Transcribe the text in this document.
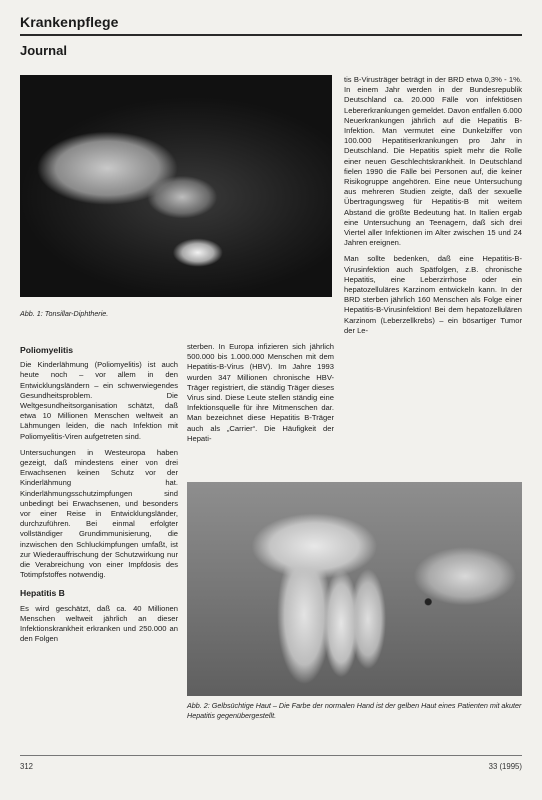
Krankenpflege
Journal
Abb. 1: Tonsillar-Diphtherie.

tis B-Virusträger beträgt in der BRD etwa 0,3% - 1%. In einem Jahr werden in der Bundesrepublik Deutschland ca. 20.000 Fälle von infektiösen Lebererkrankungen gemeldet. Davon entfallen 6.000 Neuerkrankungen jährlich auf die Hepatitis B-Infektion. Man vermutet eine Dunkelziffer von 100.000 Hepatitiserkrankungen pro Jahr in Deutschland. Die Hepatitis spielt mehr die Rolle einer neuen Geschlechtskrankheit. In Deutschland fielen 1990 die Fälle bei Personen auf, die keiner Risikogruppe angehören. Eine neue Untersuchung aus mehreren Studien zeigte, daß der sexuelle Übertragungsweg für Hepatitis-B mit weitem Abstand die größte Bedeutung hat. In Italien ergab eine Untersuchung an Teenagern, daß sich drei Viertel aller Infektionen im Alter zwischen 15 und 24 Jahren ereignen.

Man sollte bedenken, daß eine Hepatitis-B-Virusinfektion auch Spätfolgen, z.B. chronische Hepatitis, eine Leberzirrhose oder ein hepatozelluläres Karzinom entwickeln kann. In der BRD sterben jährlich 160 Menschen als Folge einer Hepatitis-B-Virusinfektion! Bei dem hepatozellulären Karzinom (Leberzellkrebs) – ein bösartiger Tumor der Le-

Poliomyelitis

Die Kinderlähmung (Poliomyelitis) ist auch heute noch – vor allem in den Entwicklungsländern – ein schwerwiegendes Gesundheitsproblem. Die Weltgesundheitsorganisation schätzt, daß etwa 10 Millionen Menschen weltweit an Lähmungen leiden, die nach Infektion mit Poliomyelitis-Viren aufgetreten sind.

Untersuchungen in Westeuropa haben gezeigt, daß mindestens einer von drei Erwachsenen keinen Schutz vor der Kinderlähmung hat. Kinderlähmungsschutzimpfungen sind unbedingt bei Erwachsenen, und besonders vor einer Reise in Entwicklungsländer, durchzuführen. Bei einmal erfolgter vollständiger Grundimmunisierung, die inzwischen den Schluckimpfungen umfaßt, ist zur Wiederauffrischung der Schutzwirkung nur die Verabreichung von einer Impfdosis des Totimpfstoffes notwendig.

Hepatitis B

Es wird geschätzt, daß ca. 40 Millionen Menschen weltweit jährlich an dieser Infektionskrankheit erkranken und 250.000 an den Folgen

sterben. In Europa infizieren sich jährlich 500.000 bis 1.000.000 Menschen mit dem Hepatitis-B-Virus (HBV). Im Jahre 1993 wurden 347 Millionen chronische HBV-Träger registriert, die ständig Träger dieses Virus sind. Diese Leute stellen ständig eine Infektionsquelle für ihre Mitmenschen dar. Man bezeichnet diese Hepatitis B-Träger auch als „Carrier“. Die Häufigkeit der Hepati-

Abb. 2: Gelbsüchtige Haut – Die Farbe der normalen Hand ist der gelben Haut eines Patienten mit akuter Hepatitis gegenübergestellt.
312	33 (1995)
